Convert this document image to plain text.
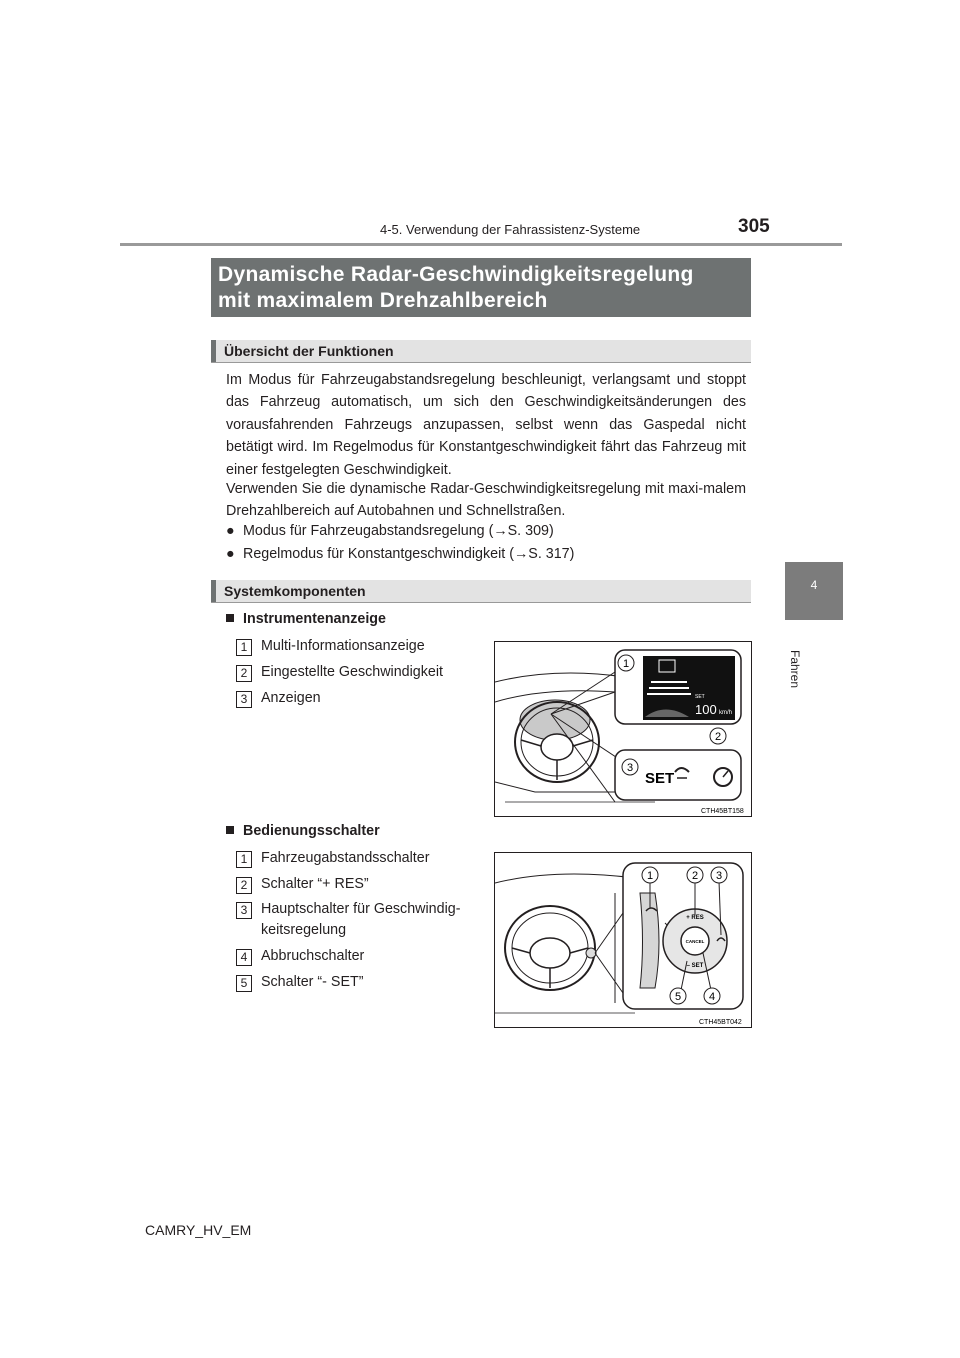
4-5. Verwendung der Fahrassistenz-Systeme	305
4
Fahren
Dynamische Radar-Geschwindigkeitsregelung
mit maximalem Drehzahlbereich
Übersicht der Funktionen
Im Modus für Fahrzeugabstandsregelung beschleunigt, verlangsamt und stoppt das Fahrzeug automatisch, um sich den Geschwindigkeitsänderungen des vorausfahrenden Fahrzeugs anzupassen, selbst wenn das Gaspedal nicht betätigt wird. Im Regelmodus für Konstantgeschwindigkeit fährt das Fahrzeug mit einer festgelegten Geschwindigkeit.
Verwenden Sie die dynamische Radar-Geschwindigkeitsregelung mit maxi-malem Drehzahlbereich auf Autobahnen und Schnellstraßen.
● Modus für Fahrzeugabstandsregelung (→S. 309)
● Regelmodus für Konstantgeschwindigkeit (→S. 317)
Systemkomponenten
Instrumentenanzeige
1 Multi-Informationsanzeige
2 Eingestellte Geschwindigkeit
3 Anzeigen
1
2
3
SET
100 km/h
SET
CTH45BT158
Bedienungsschalter
1 Fahrzeugabstandsschalter
2 Schalter “+ RES”
3 Hauptschalter für Geschwindig-
keitsregelung
4 Abbruchschalter
5 Schalter “- SET”
1	2 3
5	4
+ RES
CANCEL
– SET
CTH45BT042
CAMRY_HV_EM
